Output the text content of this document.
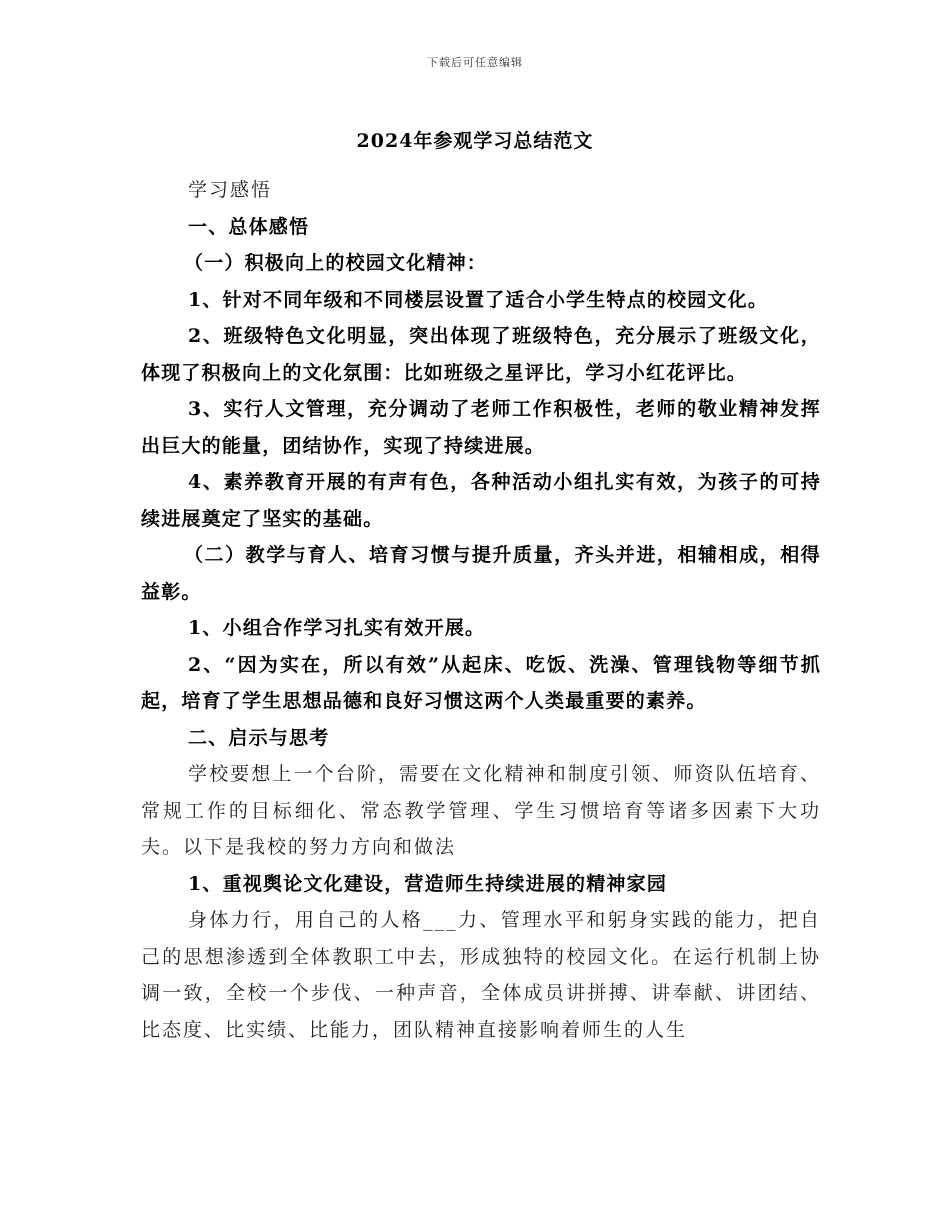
下载后可任意编辑
2024年参观学习总结范文

学习感悟

一、总体感悟

（一）积极向上的校园文化精神：

1、针对不同年级和不同楼层设置了适合小学生特点的校园文化。

2、班级特色文化明显，突出体现了班级特色，充分展示了班级文化，体现了积极向上的文化氛围：比如班级之星评比，学习小红花评比。

3、实行人文管理，充分调动了老师工作积极性，老师的敬业精神发挥出巨大的能量，团结协作，实现了持续进展。

4、素养教育开展的有声有色，各种活动小组扎实有效，为孩子的可持续进展奠定了坚实的基础。

（二）教学与育人、培育习惯与提升质量，齐头并进，相辅相成，相得益彰。

1、小组合作学习扎实有效开展。

2、“因为实在，所以有效”从起床、吃饭、洗澡、管理钱物等细节抓起，培育了学生思想品德和良好习惯这两个人类最重要的素养。

二、启示与思考

学校要想上一个台阶，需要在文化精神和制度引领、师资队伍培育、常规工作的目标细化、常态教学管理、学生习惯培育等诸多因素下大功夫。以下是我校的努力方向和做法

1、重视舆论文化建设，营造师生持续进展的精神家园

身体力行，用自己的人格___力、管理水平和躬身实践的能力，把自己的思想渗透到全体教职工中去，形成独特的校园文化。在运行机制上协调一致，全校一个步伐、一种声音，全体成员讲拼搏、讲奉献、讲团结、比态度、比实绩、比能力，团队精神直接影响着师生的人生
